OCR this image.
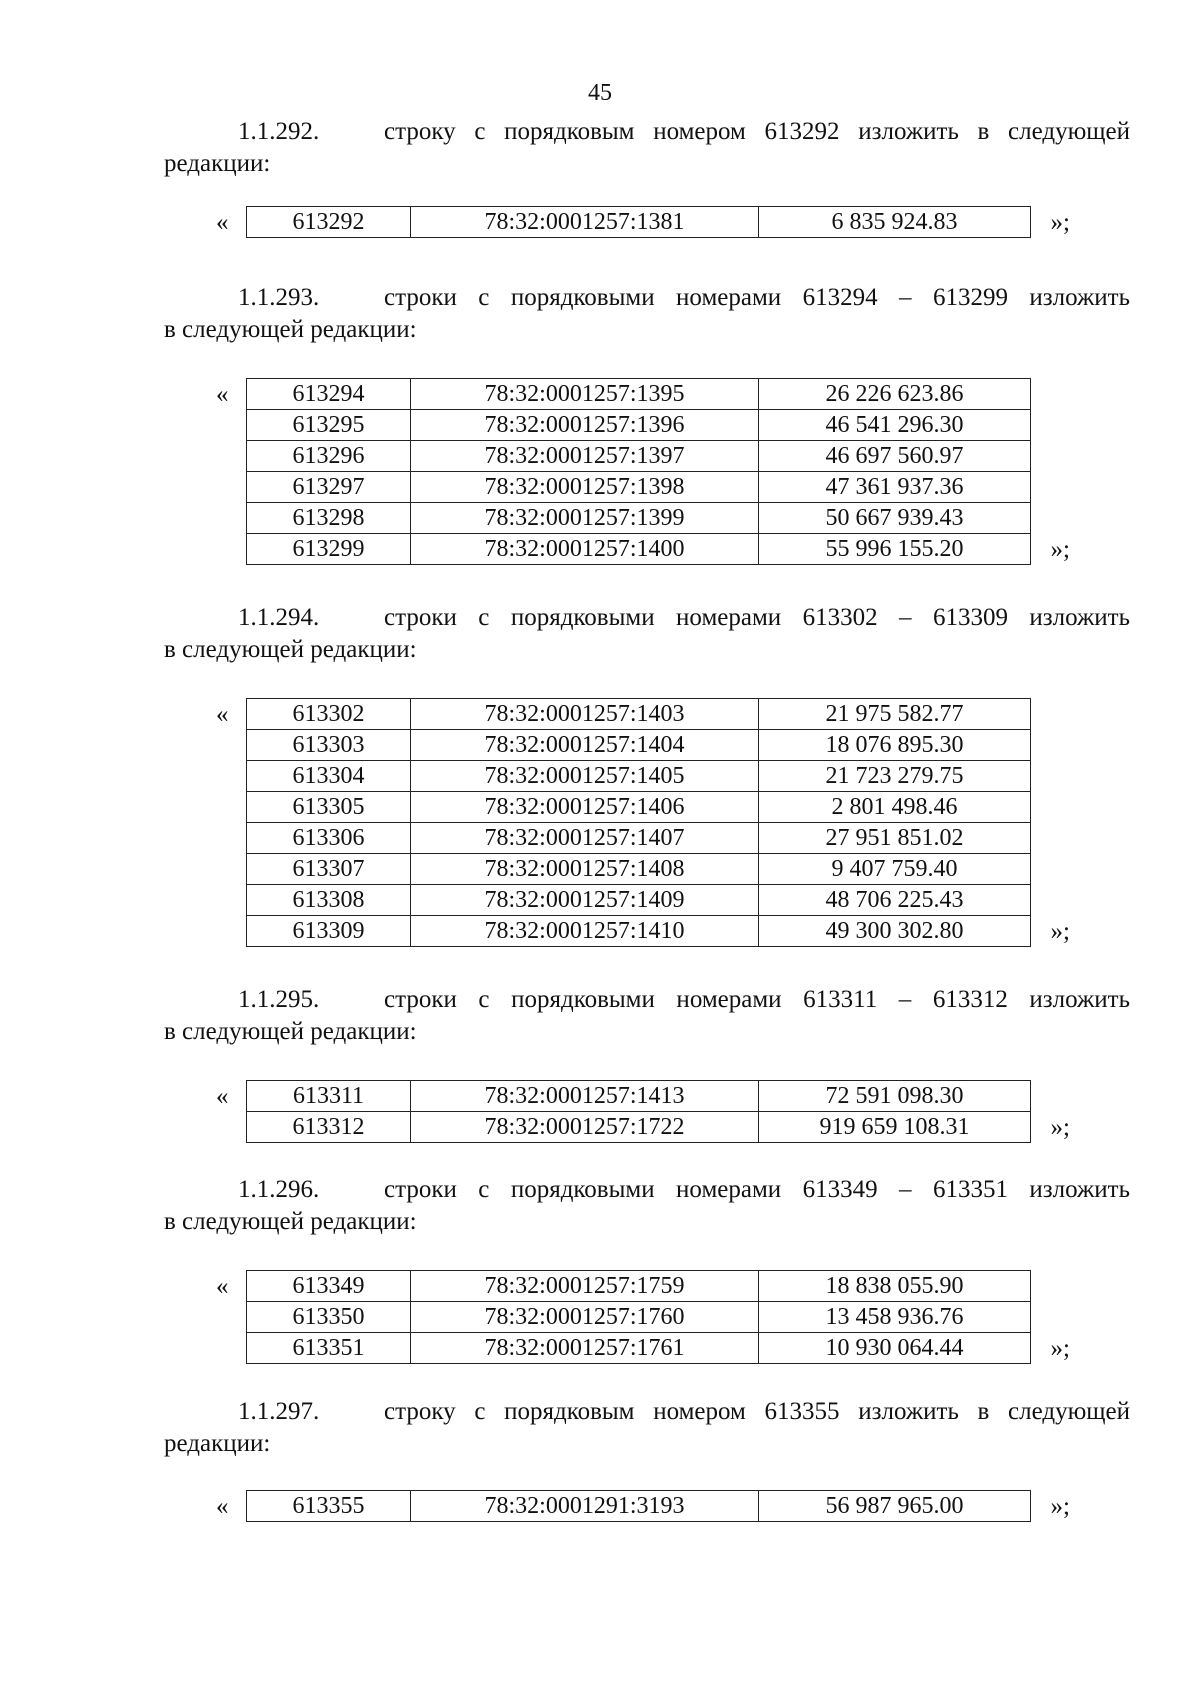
45

1.1.292.	строку с порядковым номером 613292 изложить в следующей

редакции:

«	613292	78:32:0001257:1381	6 835 924.83	»;

1.1.293.	строки с порядковыми номерами 613294 – 613299 изложить

в следующей редакции:

«	613294	78:32:0001257:1395	26 226 623.86
613295	78:32:0001257:1396	46 541 296.30
613296	78:32:0001257:1397	46 697 560.97
613297	78:32:0001257:1398	47 361 937.36
613298	78:32:0001257:1399	50 667 939.43
613299	78:32:0001257:1400	55 996 155.20	»;

1.1.294.	строки с порядковыми номерами 613302 – 613309 изложить

в следующей редакции:

«	613302	78:32:0001257:1403	21 975 582.77
613303	78:32:0001257:1404	18 076 895.30
613304	78:32:0001257:1405	21 723 279.75
613305	78:32:0001257:1406	2 801 498.46
613306	78:32:0001257:1407	27 951 851.02
613307	78:32:0001257:1408	9 407 759.40
613308	78:32:0001257:1409	48 706 225.43
613309	78:32:0001257:1410	49 300 302.80	»;

1.1.295.	строки с порядковыми номерами 613311 – 613312 изложить

в следующей редакции:

«	613311	78:32:0001257:1413	72 591 098.30
613312	78:32:0001257:1722	919 659 108.31	»;

1.1.296.	строки с порядковыми номерами 613349 – 613351 изложить

в следующей редакции:

«	613349	78:32:0001257:1759	18 838 055.90
613350	78:32:0001257:1760	13 458 936.76
613351	78:32:0001257:1761	10 930 064.44	»;

1.1.297.	строку с порядковым номером 613355 изложить в следующей

редакции:

«	613355	78:32:0001291:3193	56 987 965.00	»;
